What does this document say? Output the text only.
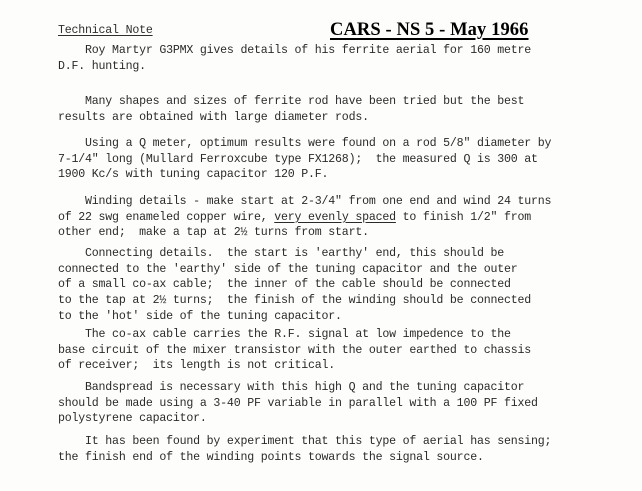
Technical Note	CARS - NS 5 - May 1966
Roy Martyr G3PMX gives details of his ferrite aerial for 160 metre
D.F. hunting.
Many shapes and sizes of ferrite rod have been tried but the best
results are obtained with large diameter rods.
Using a Q meter, optimum results were found on a rod 5/8" diameter by
7-1/4" long (Mullard Ferroxcube type FX1268);  the measured Q is 300 at
1900 Kc/s with tuning capacitor 120 P.F.
Winding details - make start at 2-3/4" from one end and wind 24 turns
of 22 swg enameled copper wire, very evenly spaced to finish 1/2" from
other end;  make a tap at 2½ turns from start.
Connecting details.  the start is 'earthy' end, this should be
connected to the 'earthy' side of the tuning capacitor and the outer
of a small co-ax cable;  the inner of the cable should be connected
to the tap at 2½ turns;  the finish of the winding should be connected
to the 'hot' side of the tuning capacitor.
The co-ax cable carries the R.F. signal at low impedence to the
base circuit of the mixer transistor with the outer earthed to chassis
of receiver;  its length is not critical.
Bandspread is necessary with this high Q and the tuning capacitor
should be made using a 3-40 PF variable in parallel with a 100 PF fixed
polystyrene capacitor.
It has been found by experiment that this type of aerial has sensing;
the finish end of the winding points towards the signal source.
